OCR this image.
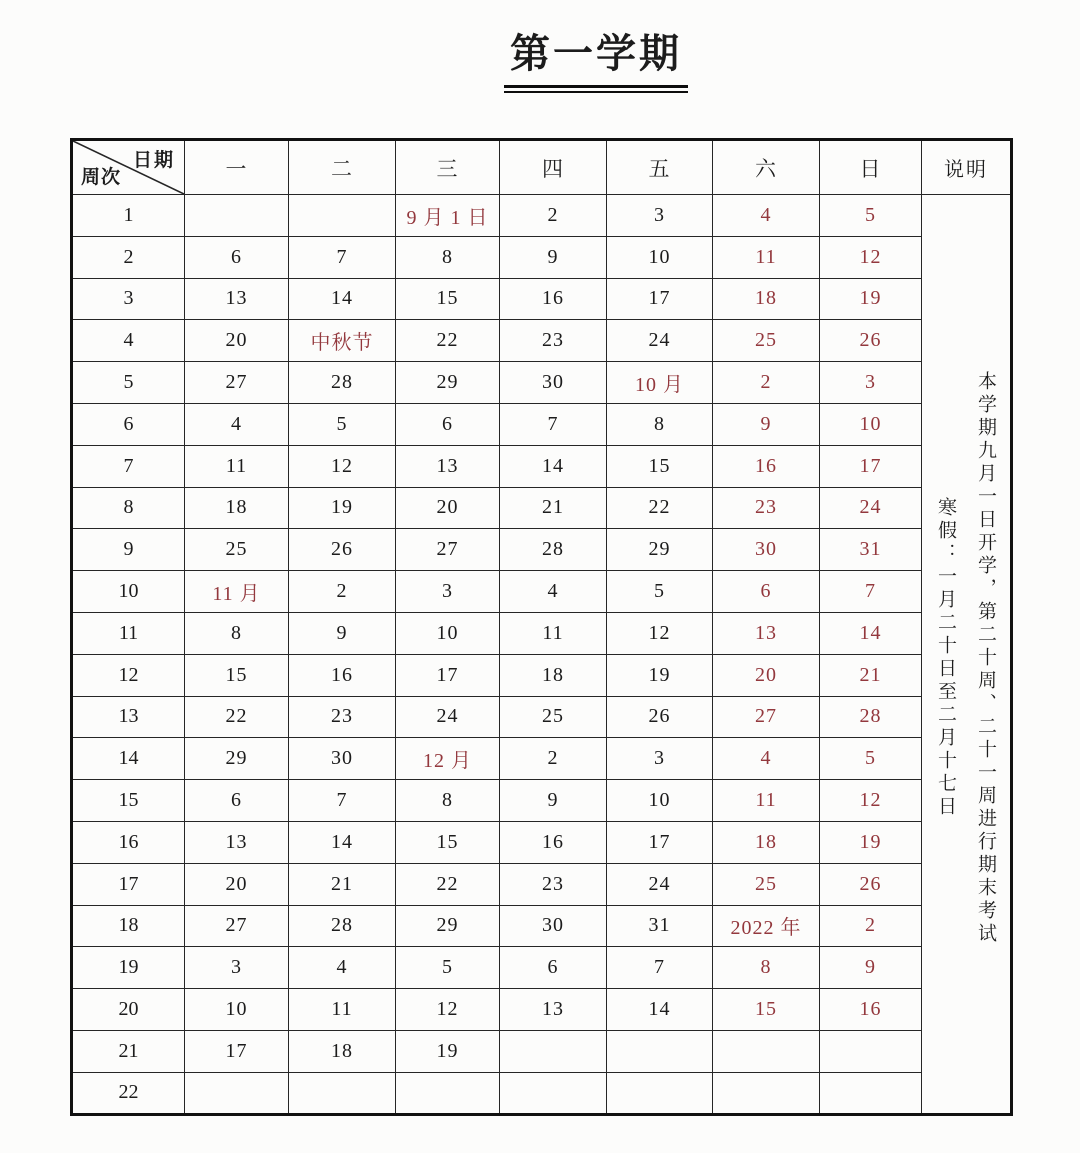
第一学期
日期
周次	一	二	三	四	五	六	日	说明
1			9 月 1 日	2	3	4	5	本学期九月一日开学，第二十周、二十一周进行期末考试
寒假：一月二十日至二月十七日

2	6	7	8	9	10	11	12	
3	13	14	15	16	17	18	19	
4	20	中秋节	22	23	24	25	26	
5	27	28	29	30	10 月	2	3	
6	4	5	6	7	8	9	10	
7	11	12	13	14	15	16	17	
8	18	19	20	21	22	23	24	
9	25	26	27	28	29	30	31	
10	11 月	2	3	4	5	6	7	
11	8	9	10	11	12	13	14	
12	15	16	17	18	19	20	21	
13	22	23	24	25	26	27	28	
14	29	30	12 月	2	3	4	5	
15	6	7	8	9	10	11	12	
16	13	14	15	16	17	18	19	
17	20	21	22	23	24	25	26	
18	27	28	29	30	31	2022 年	2	
19	3	4	5	6	7	8	9	
20	10	11	12	13	14	15	16	
21	17	18	19					
22								
